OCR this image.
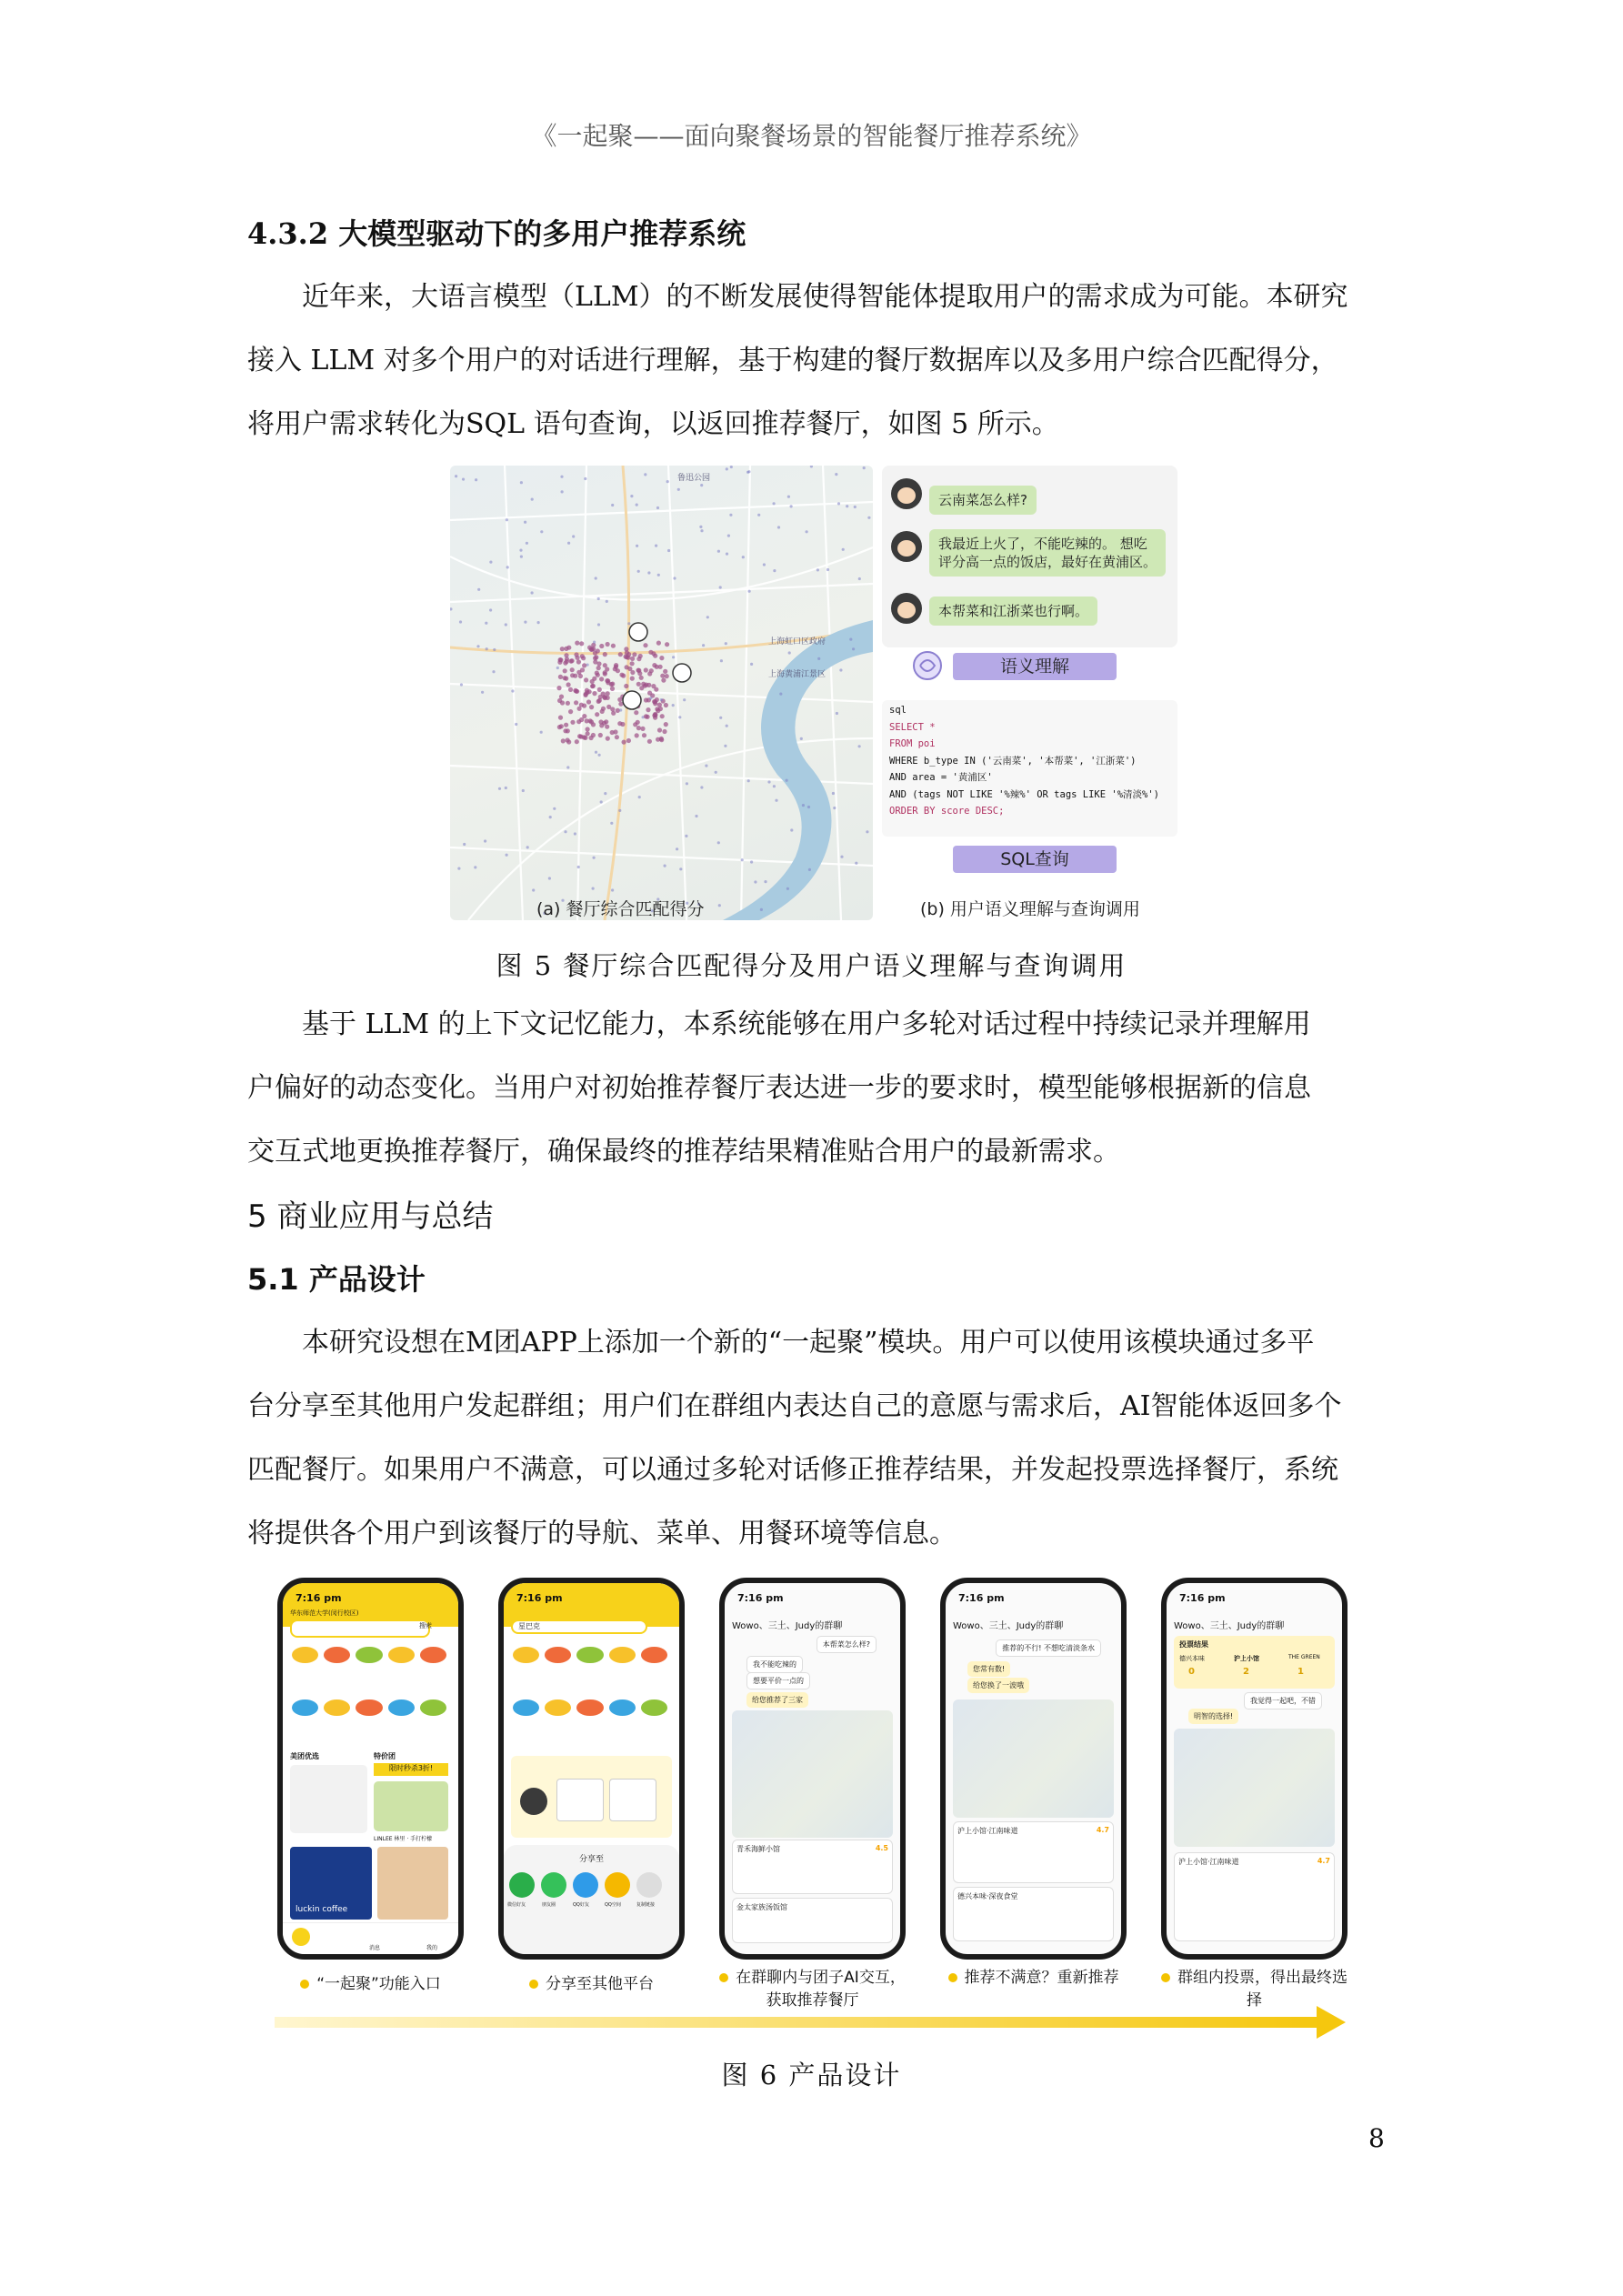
《一起聚——面向聚餐场景的智能餐厅推荐系统》
4.3.2 大模型驱动下的多用户推荐系统
近年来，大语言模型（LLM）的不断发展使得智能体提取用户的需求成为可能。本研究
接入 LLM 对多个用户的对话进行理解，基于构建的餐厅数据库以及多用户综合匹配得分，
将用户需求转化为SQL 语句查询，以返回推荐餐厅，如图 5 所示。
鲁迅公园
上海虹口区政府
上海黄浦江景区
云南菜怎么样?
我最近上火了，不能吃辣的。 想吃评分高一点的饭店，最好在黄浦区。
本帮菜和江浙菜也行啊。
语义理解
sql
SELECT *
FROM poi
WHERE b_type IN ('云南菜', '本帮菜', '江浙菜')
AND area = '黄浦区'
AND (tags NOT LIKE '%辣%' OR tags LIKE '%清淡%')
ORDER BY score DESC;
SQL查询
(a) 餐厅综合匹配得分	(b) 用户语义理解与查询调用
图 5 餐厅综合匹配得分及用户语义理解与查询调用
基于 LLM 的上下文记忆能力，本系统能够在用户多轮对话过程中持续记录并理解用
户偏好的动态变化。当用户对初始推荐餐厅表达进一步的要求时，模型能够根据新的信息
交互式地更换推荐餐厅，确保最终的推荐结果精准贴合用户的最新需求。
5 商业应用与总结
5.1 产品设计
本研究设想在M团APP上添加一个新的“一起聚”模块。用户可以使用该模块通过多平
台分享至其他用户发起群组；用户们在群组内表达自己的意愿与需求后，AI智能体返回多个
匹配餐厅。如果用户不满意，可以通过多轮对话修正推荐结果，并发起投票选择餐厅，系统
将提供各个用户到该餐厅的导航、菜单、用餐环境等信息。
7:16 pm
华东师范大学(闵行校区)
搜索
美团优选	特价团
限时秒杀3折!
LINLEE 林里 · 手打柠檬
luckin coffee
消息	我的
7:16 pm
星巴克
分享至
微信好友	朋友圈	QQ好友	QQ空间	复制链接
7:16 pm
Wowo、三土、Judy的群聊
本帮菜怎么样?
我不能吃辣的
想要平价一点的
给您推荐了三家
青禾海鲜小馆	4.5
金太家族汤饭馆
7:16 pm
Wowo、三土、Judy的群聊
推荐的不行! 不想吃清淡条水
您常有数!
给您换了一波哦
沪上小馆·江南味道	4.7
德兴本味·深夜食堂
7:16 pm
Wowo、三土、Judy的群聊
投票结果
德兴本味	沪上小馆	THE GREEN
0	2	1
我觉得一起吧，不错
明智的选择!
沪上小馆·江南味道	4.7
“一起聚”功能入口	分享至其他平台	在群聊内与团子AI交互，获取推荐餐厅
推荐不满意？重新推荐	群组内投票，得出最终选择
图 6 产品设计
8
